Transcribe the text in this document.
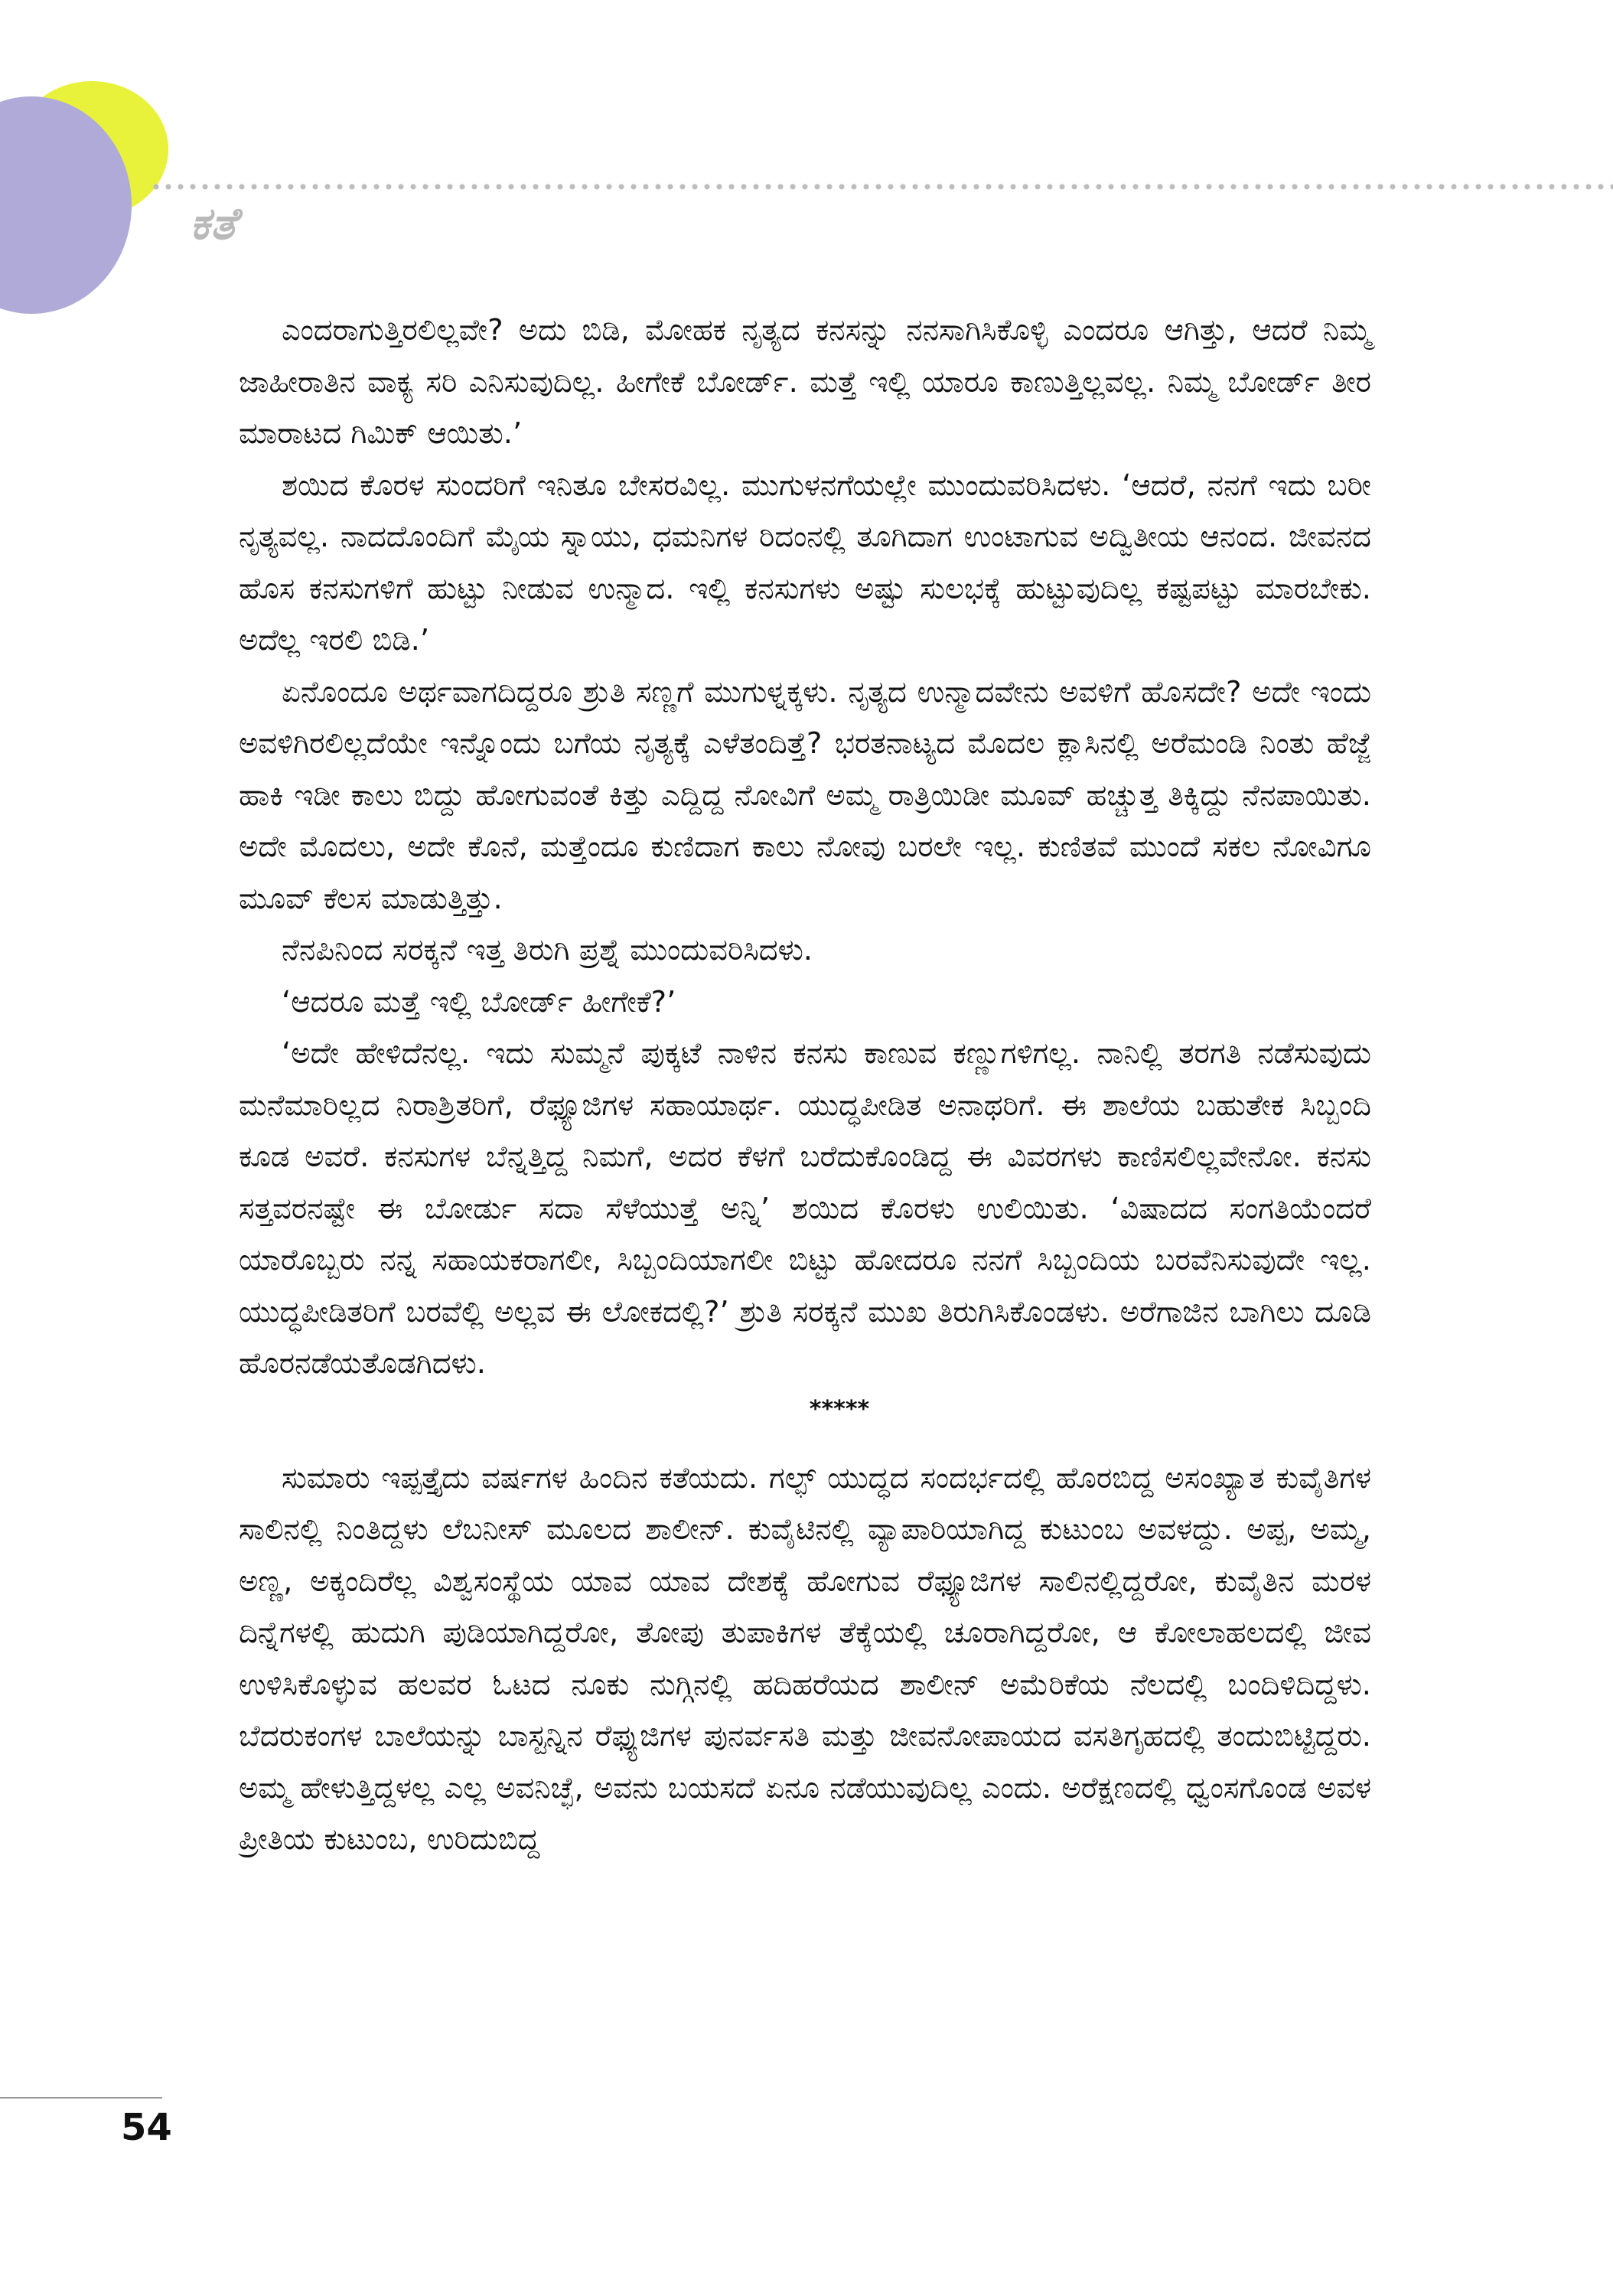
ಕತೆ

ಎಂದರಾಗುತ್ತಿರಲಿಲ್ಲವೇ? ಅದು ಬಿಡಿ, ಮೋಹಕ ನೃತ್ಯದ ಕನಸನ್ನು ನನಸಾಗಿಸಿಕೊಳ್ಳಿ ಎಂದರೂ ಆಗಿತ್ತು, ಆದರೆ ನಿಮ್ಮ ಜಾಹೀರಾತಿನ ವಾಕ್ಯ ಸರಿ ಎನಿಸುವುದಿಲ್ಲ. ಹೀಗೇಕೆ ಬೋರ್ಡ್. ಮತ್ತೆ ಇಲ್ಲಿ ಯಾರೂ ಕಾಣುತ್ತಿಲ್ಲವಲ್ಲ. ನಿಮ್ಮ ಬೋರ್ಡ್ ತೀರ ಮಾರಾಟದ ಗಿಮಿಕ್ ಆಯಿತು.’

ಶಯಿದ ಕೊರಳ ಸುಂದರಿಗೆ ಇನಿತೂ ಬೇಸರವಿಲ್ಲ. ಮುಗುಳನಗೆಯಲ್ಲೇ ಮುಂದುವರಿಸಿದಳು. ‘ಆದರೆ, ನನಗೆ ಇದು ಬರೀ ನೃತ್ಯವಲ್ಲ. ನಾದದೊಂದಿಗೆ ಮೈಯ ಸ್ನಾಯು, ಧಮನಿಗಳ ರಿದಂನಲ್ಲಿ ತೂಗಿದಾಗ ಉಂಟಾಗುವ ಅದ್ವಿತೀಯ ಆನಂದ. ಜೀವನದ ಹೊಸ ಕನಸುಗಳಿಗೆ ಹುಟ್ಟು ನೀಡುವ ಉನ್ಮಾದ. ಇಲ್ಲಿ ಕನಸುಗಳು ಅಷ್ಟು ಸುಲಭಕ್ಕೆ ಹುಟ್ಟುವುದಿಲ್ಲ ಕಷ್ಟಪಟ್ಟು ಮಾರಬೇಕು. ಅದೆಲ್ಲ ಇರಲಿ ಬಿಡಿ.’

ಏನೊಂದೂ ಅರ್ಥವಾಗದಿದ್ದರೂ ಶ್ರುತಿ ಸಣ್ಣಗೆ ಮುಗುಳ್ನಕ್ಕಳು. ನೃತ್ಯದ ಉನ್ಮಾದವೇನು ಅವಳಿಗೆ ಹೊಸದೇ? ಅದೇ ಇಂದು ಅವಳಿಗಿರಲಿಲ್ಲದೆಯೇ ಇನ್ನೊಂದು ಬಗೆಯ ನೃತ್ಯಕ್ಕೆ ಎಳೆತಂದಿತ್ತೆ? ಭರತನಾಟ್ಯದ ಮೊದಲ ಕ್ಲಾಸಿನಲ್ಲಿ ಅರೆಮಂಡಿ ನಿಂತು ಹೆಜ್ಜೆ ಹಾಕಿ ಇಡೀ ಕಾಲು ಬಿದ್ದು ಹೋಗುವಂತೆ ಕಿತ್ತು ಎದ್ದಿದ್ದ ನೋವಿಗೆ ಅಮ್ಮ ರಾತ್ರಿಯಿಡೀ ಮೂವ್ ಹಚ್ಚುತ್ತ ತಿಕ್ಕಿದ್ದು ನೆನಪಾಯಿತು. ಅದೇ ಮೊದಲು, ಅದೇ ಕೊನೆ, ಮತ್ತೆಂದೂ ಕುಣಿದಾಗ ಕಾಲು ನೋವು ಬರಲೇ ಇಲ್ಲ. ಕುಣಿತವೆ ಮುಂದೆ ಸಕಲ ನೋವಿಗೂ ಮೂವ್ ಕೆಲಸ ಮಾಡುತ್ತಿತ್ತು.

ನೆನಪಿನಿಂದ ಸರಕ್ಕನೆ ಇತ್ತ ತಿರುಗಿ ಪ್ರಶ್ನೆ ಮುಂದುವರಿಸಿದಳು.

‘ಆದರೂ ಮತ್ತೆ ಇಲ್ಲಿ ಬೋರ್ಡ್ ಹೀಗೇಕೆ?’

‘ಅದೇ ಹೇಳಿದೆನಲ್ಲ. ಇದು ಸುಮ್ಮನೆ ಪುಕ್ಕಟೆ ನಾಳಿನ ಕನಸು ಕಾಣುವ ಕಣ್ಣುಗಳಿಗಲ್ಲ. ನಾನಿಲ್ಲಿ ತರಗತಿ ನಡೆಸುವುದು ಮನೆಮಾರಿಲ್ಲದ ನಿರಾಶ್ರಿತರಿಗೆ, ರೆಫ್ಯೂಜಿಗಳ ಸಹಾಯಾರ್ಥ. ಯುದ್ಧಪೀಡಿತ ಅನಾಥರಿಗೆ. ಈ ಶಾಲೆಯ ಬಹುತೇಕ ಸಿಬ್ಬಂದಿ ಕೂಡ ಅವರೆ. ಕನಸುಗಳ ಬೆನ್ನತ್ತಿದ್ದ ನಿಮಗೆ, ಅದರ ಕೆಳಗೆ ಬರೆದುಕೊಂಡಿದ್ದ ಈ ವಿವರಗಳು ಕಾಣಿಸಲಿಲ್ಲವೇನೋ. ಕನಸು ಸತ್ತವರನಷ್ಟೇ ಈ ಬೋರ್ಡು ಸದಾ ಸೆಳೆಯುತ್ತೆ ಅನ್ನಿ’ ಶಯಿದ ಕೊರಳು ಉಲಿಯಿತು. ‘ವಿಷಾದದ ಸಂಗತಿಯೆಂದರೆ ಯಾರೊಬ್ಬರು ನನ್ನ ಸಹಾಯಕರಾಗಲೀ, ಸಿಬ್ಬಂದಿಯಾಗಲೀ ಬಿಟ್ಟು ಹೋದರೂ ನನಗೆ ಸಿಬ್ಬಂದಿಯ ಬರವೆನಿಸುವುದೇ ಇಲ್ಲ. ಯುದ್ಧಪೀಡಿತರಿಗೆ ಬರವೆಲ್ಲಿ ಅಲ್ಲವ ಈ ಲೋಕದಲ್ಲಿ?’ ಶ್ರುತಿ ಸರಕ್ಕನೆ ಮುಖ ತಿರುಗಿಸಿಕೊಂಡಳು. ಅರೆಗಾಜಿನ ಬಾಗಿಲು ದೂಡಿ ಹೊರನಡೆಯತೊಡಗಿದಳು.

*****

ಸುಮಾರು ಇಪ್ಪತ್ತೈದು ವರ್ಷಗಳ ಹಿಂದಿನ ಕತೆಯದು. ಗಲ್ಫ್ ಯುದ್ಧದ ಸಂದರ್ಭದಲ್ಲಿ ಹೊರಬಿದ್ದ ಅಸಂಖ್ಯಾತ ಕುವೈತಿಗಳ ಸಾಲಿನಲ್ಲಿ ನಿಂತಿದ್ದಳು ಲೆಬನೀಸ್ ಮೂಲದ ಶಾಲೀನ್. ಕುವೈಟಿನಲ್ಲಿ ವ್ಯಾಪಾರಿಯಾಗಿದ್ದ ಕುಟುಂಬ ಅವಳದ್ದು. ಅಪ್ಪ, ಅಮ್ಮ, ಅಣ್ಣ, ಅಕ್ಕಂದಿರೆಲ್ಲ ವಿಶ್ವಸಂಸ್ಥೆಯ ಯಾವ ಯಾವ ದೇಶಕ್ಕೆ ಹೋಗುವ ರೆಫ್ಯೂಜಿಗಳ ಸಾಲಿನಲ್ಲಿದ್ದರೋ, ಕುವೈತಿನ ಮರಳ ದಿನ್ನೆಗಳಲ್ಲಿ ಹುದುಗಿ ಪುಡಿಯಾಗಿದ್ದರೋ, ತೋಪು ತುಪಾಕಿಗಳ ತೆಕ್ಕೆಯಲ್ಲಿ ಚೂರಾಗಿದ್ದರೋ, ಆ ಕೋಲಾಹಲದಲ್ಲಿ ಜೀವ ಉಳಿಸಿಕೊಳ್ಳುವ ಹಲವರ ಓಟದ ನೂಕು ನುಗ್ಗಿನಲ್ಲಿ ಹದಿಹರೆಯದ ಶಾಲೀನ್ ಅಮೆರಿಕೆಯ ನೆಲದಲ್ಲಿ ಬಂದಿಳಿದಿದ್ದಳು. ಬೆದರುಕಂಗಳ ಬಾಲೆಯನ್ನು ಬಾಸ್ಟನ್ನಿನ ರೆಫ್ಯುಜಿಗಳ ಪುನರ್ವಸತಿ ಮತ್ತು ಜೀವನೋಪಾಯದ ವಸತಿಗೃಹದಲ್ಲಿ ತಂದುಬಿಟ್ಟಿದ್ದರು. ಅಮ್ಮ ಹೇಳುತ್ತಿದ್ದಳಲ್ಲ ಎಲ್ಲ ಅವನಿಚ್ಛೆ, ಅವನು ಬಯಸದೆ ಏನೂ ನಡೆಯುವುದಿಲ್ಲ ಎಂದು. ಅರೆಕ್ಷಣದಲ್ಲಿ ಧ್ವಂಸಗೊಂಡ ಅವಳ ಪ್ರೀತಿಯ ಕುಟುಂಬ, ಉರಿದುಬಿದ್ದ

54
